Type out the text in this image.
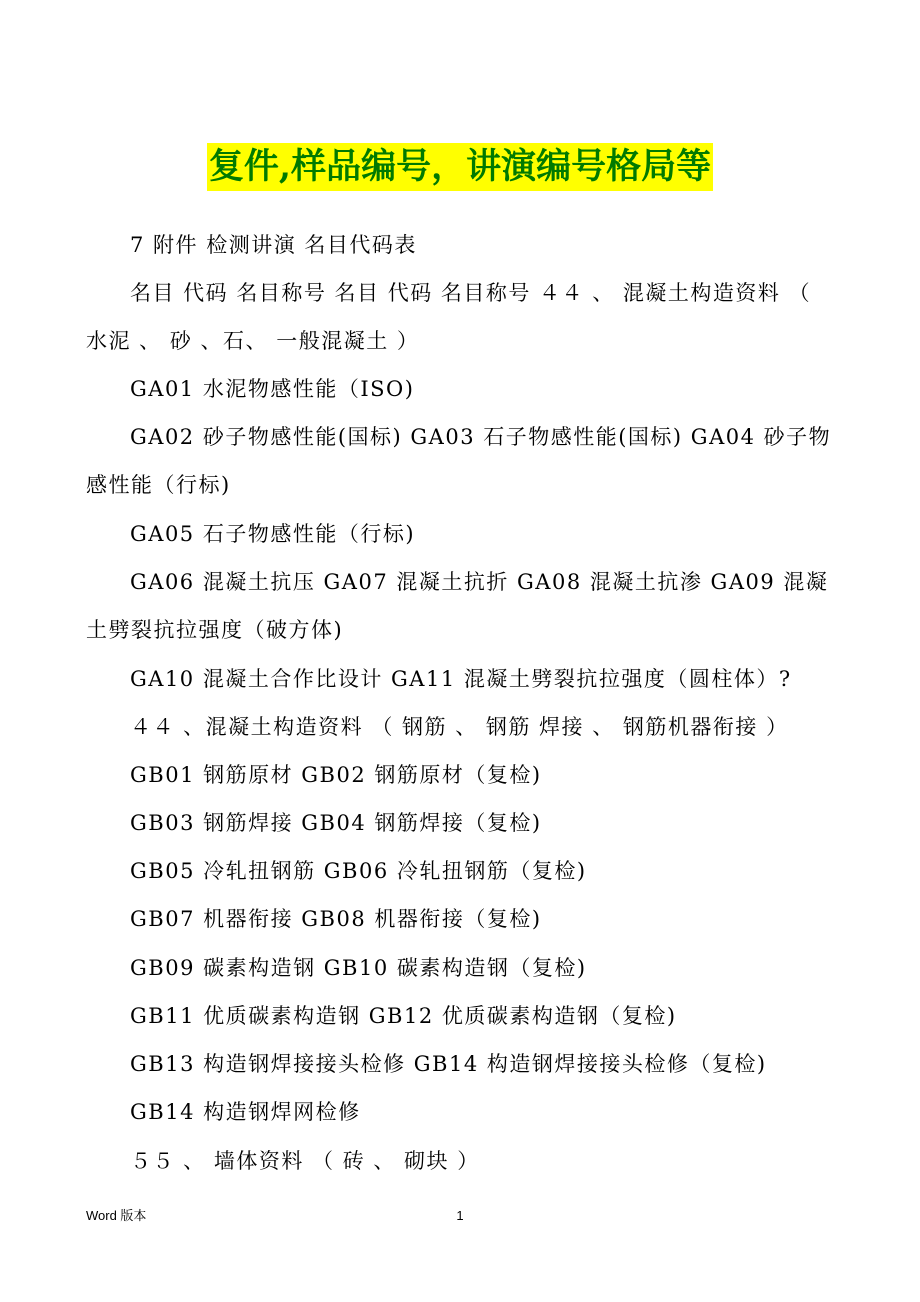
复件,样品编号，讲演编号格局等

7 附件 检测讲演 名目代码表

名目 代码 名目称号 名目 代码 名目称号 ４４ 、 混凝土构造资料 （ 水泥 、 砂 、石、 一般混凝土 ）

GA01 水泥物感性能（ISO)

GA02 砂子物感性能(国标) GA03 石子物感性能(国标) GA04 砂子物感性能（行标)

GA05 石子物感性能（行标)

GA06 混凝土抗压 GA07 混凝土抗折 GA08 混凝土抗渗 GA09 混凝土劈裂抗拉强度（破方体)

GA10 混凝土合作比设计 GA11 混凝土劈裂抗拉强度（圆柱体）?

４４ 、混凝土构造资料 （ 钢筋 、 钢筋 焊接 、 钢筋机器衔接 ）

GB01 钢筋原材 GB02 钢筋原材（复检)

GB03 钢筋焊接 GB04 钢筋焊接（复检)

GB05 冷轧扭钢筋 GB06 冷轧扭钢筋（复检)

GB07 机器衔接 GB08 机器衔接（复检)

GB09 碳素构造钢 GB10 碳素构造钢（复检)

GB11 优质碳素构造钢 GB12 优质碳素构造钢（复检)

GB13 构造钢焊接接头检修 GB14 构造钢焊接接头检修（复检)

GB14 构造钢焊网检修

５５ 、 墙体资料 （ 砖 、 砌块 ）

Word 版本	1
